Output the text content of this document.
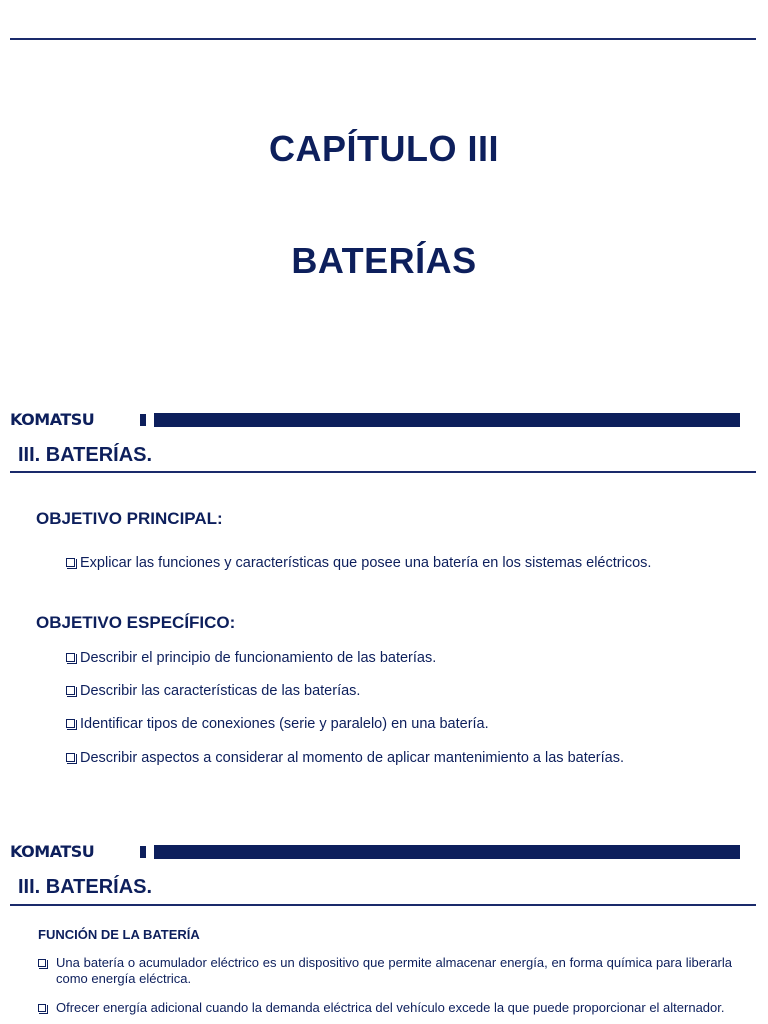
CAPÍTULO III
BATERÍAS
KOMATSU
III. BATERÍAS.
OBJETIVO PRINCIPAL:
Explicar las funciones y características que posee una batería en los sistemas eléctricos.
OBJETIVO ESPECÍFICO:
Describir el principio de funcionamiento de las baterías.
Describir las características de las baterías.
Identificar tipos de conexiones (serie y paralelo) en una batería.
Describir aspectos a considerar al momento de aplicar mantenimiento a las baterías.
KOMATSU
III. BATERÍAS.
FUNCIÓN DE LA BATERÍA
Una batería o acumulador eléctrico es un dispositivo que permite almacenar energía, en forma química para liberarla como energía eléctrica.
Ofrecer energía adicional cuando la demanda eléctrica del vehículo excede la que puede proporcionar el alternador.
